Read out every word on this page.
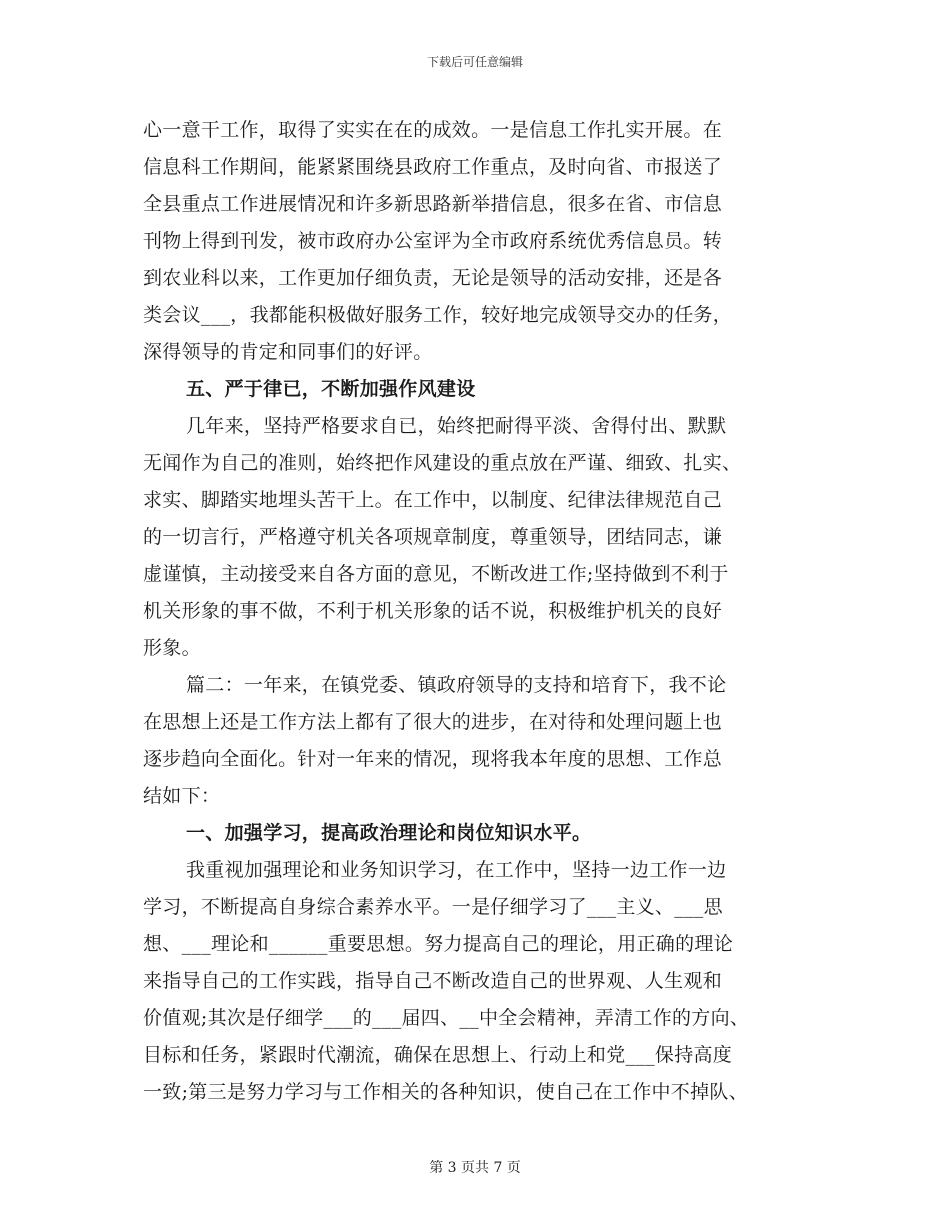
下载后可任意编辑
心一意干工作，取得了实实在在的成效。一是信息工作扎实开展。在
信息科工作期间，能紧紧围绕县政府工作重点，及时向省、市报送了
全县重点工作进展情况和许多新思路新举措信息，很多在省、市信息
刊物上得到刊发，被市政府办公室评为全市政府系统优秀信息员。转
到农业科以来，工作更加仔细负责，无论是领导的活动安排，还是各
类会议___，我都能积极做好服务工作，较好地完成领导交办的任务，
深得领导的肯定和同事们的好评。
五、严于律已，不断加强作风建设
几年来，坚持严格要求自已，始终把耐得平淡、舍得付出、默默
无闻作为自己的准则，始终把作风建设的重点放在严谨、细致、扎实、
求实、脚踏实地埋头苦干上。在工作中，以制度、纪律法律规范自己
的一切言行，严格遵守机关各项规章制度，尊重领导，团结同志，谦
虚谨慎，主动接受来自各方面的意见，不断改进工作;坚持做到不利于
机关形象的事不做，不利于机关形象的话不说，积极维护机关的良好
形象。
篇二：一年来，在镇党委、镇政府领导的支持和培育下，我不论
在思想上还是工作方法上都有了很大的进步，在对待和处理问题上也
逐步趋向全面化。针对一年来的情况，现将我本年度的思想、工作总
结如下：
一、加强学习，提高政治理论和岗位知识水平。
我重视加强理论和业务知识学习，在工作中，坚持一边工作一边
学习，不断提高自身综合素养水平。一是仔细学习了___主义、___思
想、___理论和______重要思想。努力提高自己的理论，用正确的理论
来指导自己的工作实践，指导自己不断改造自己的世界观、人生观和
价值观;其次是仔细学___的___届四、__中全会精神，弄清工作的方向、
目标和任务，紧跟时代潮流，确保在思想上、行动上和党___保持高度
一致;第三是努力学习与工作相关的各种知识，使自己在工作中不掉队、
第 3 页共 7 页
